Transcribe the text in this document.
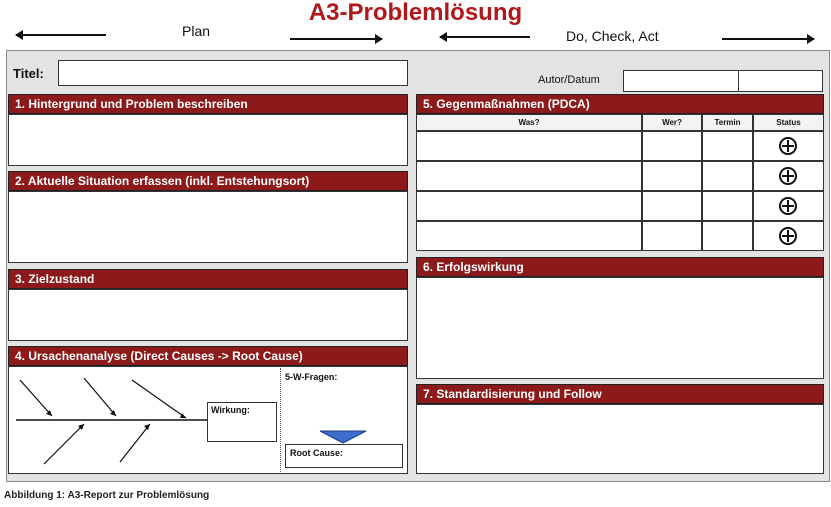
A3-Problemlösung
Plan	Do, Check, Act
Titel:	Autor/Datum
1. Hintergrund und Problem beschreiben
2. Aktuelle Situation erfassen (inkl. Entstehungsort)
3. Zielzustand
4. Ursachenanalyse (Direct Causes -> Root Cause)
Wirkung:
5-W-Fragen:
Root Cause:
5. Gegenmaßnahmen (PDCA)
Was?	Wer?	Termin	Status
6. Erfolgswirkung
7. Standardisierung und Follow
Abbildung 1: A3-Report zur Problemlösung
